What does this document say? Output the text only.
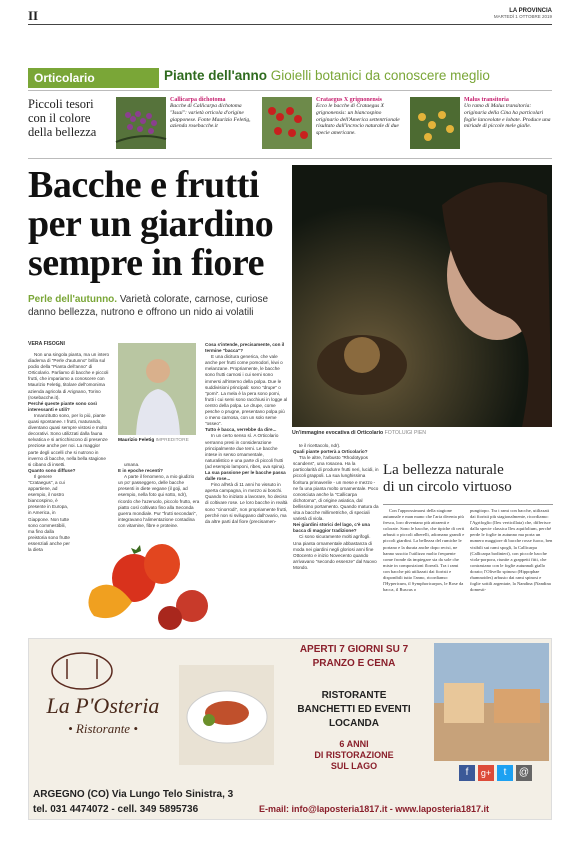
II	LA PROVINCIA
MARTEDÌ 1 OTTOBRE 2019
Orticolario	Piante dell'anno Gioielli botanici da conoscere meglio
Piccoli tesori con il colore della bellezza
Callicarpa dichotoma
Bacche di Callicarpa dichotoma "Issai": varietà orticola d'origine giapponese. Fonte Maurizio Feletig, azienda rosebacche.it
Crataegus X grignonensis
Ecco le bacche di Crataegus X grignonensis: un biancospino originario dell'America settentrionale risultato dall'incrocio naturale di due specie americane.
Malus transitoria
Un ramo di Malus transitoria: originaria della Cina ha particolari foglie lanceolate e lobate. Produce una miriade di piccole mele gialle.
Bacche e frutti
per un giardino
sempre in fiore
Perle dell'autunno. Varietà colorate, carnose, curiose danno bellezza, nutrono e offrono un nido ai volatili
Un'immagine evocativa di Orticolario FOTOLUIGI PIEN
VERA FISOGNI

Non una singola pianta, ma un intero diadema di "Perle d'autunno" brilla sul podio della "Pianta dell'anno" di Orticolario. Parliamo di bacche e piccoli frutti, che impariamo a conoscere con Maurizio Feletig, titolare dell'omonima azienda agricola di Arignano, Torino (rosebacche.it).

Perché queste piante sono così interessanti e utili?

Innanzitutto sono, per lo più, piante quasi spontanee. I frutti, maturando, diventano quasi sempre vistosi e molto decorativi. Sono utilizzati dalla fauna selvatica e si arricchiscono di presenze preziose anche per noi. La maggior parte degli uccelli che si nutrono in inverno di bacche, nella bella stagione si cibano di insetti.

Quanto sono diffuse?

Il genere "Crataegus", a cui appartiene, ad esempio, il nostro biancospino, è presente in Europa, in America, in Giappone. Non tutte sono commestibili, ma fino dalla preistoria sono frutte essenziali anche per la dieta

Maurizio Feletig IMPREDITORE

umana.

E in epoche recenti?

A parte il fenomeno, a mio giudizio un po' passeggero, delle bacche presenti in diete vegane (il goji, ad esempio, nella foto qui sotto, ndr), ricordo che l'azeruolo, piccolo frutto, era piatto così coltivato fino alla Seconda guerra mondiale. Pur "frutti secondari", integravano l'alimentazione contadina con vitamine, fibre e proteine.

Cosa s'intende, precisamente, con il termine "bacca"?

E una dicitura generica, che vale anche per frutti come pomodori, kiwi o melanzane. Propriamente, le bacche sono frutti carnosi i cui semi sono immersi all'interno della polpa. Due le suddivisioni principali: sono "drupe" o "pomi". La mela è la pera sono pomi, frutti i cui semi sono racchiusi in logge al centro della polpa. Le drupe, come pesche o prugne, presentano polpa più o meno carnosa, con un solo seme "osseo".

Tutto è bacca, verrebbe da dire...

In un certo senso sì. A Orticolario verranno presi in considerazione principalmente due temi. Le bacche intese in senso ornamentale, naturalistico e una parte di piccoli frutti (ad esempio lamponi, ribes, uva spina).

La sua passione per le bacche passa dalle rose...

Fino all'età di 11 anni ho vissuto in aperta campagna, in mezzo ai boschi. Quando ho iniziato a lavorare, ho deciso di coltivare rose. Le loro bacche in realtà sono "cinorrodi", non propriamente frutti, perché non si sviluppano dall'ovario, ma da altre parti dal fiore (precisamen-

te il ricettacolo, ndr).

Quali piante porterà a Orticolario?

Tra le altre, l'arbusto "Rhodotypos scandens", una rosacea. Ha la particolarità di produrre frutti neri, lucidi, in piccoli grappoli. La sua lunghissima fioritura primaverile - un mese e mezzo - ne fa una pianta molto ornamentale. Poco conosciuta anche la "Callicarpa dichotoma", di origine asiatica, dal bellissimo portamento. Quando matura da vita a bacche millimetriche, di speciali varietà di viola.

Nei giardini storici del lago, c'è una bacca di maggior tradizione?

Ci sono sicuramente molti agrifogli. Una pianta ornamentale abbastanza di moda nei giardini negli gloriosi anni fine Ottocento e inizio Novecento quando arrivavano "secondo essenze" dal Nuovo Mondo.

La bellezza naturale
di un circolo virtuoso

Con l'approssimarsi della stagione autunnale e man mano che l'aria diventa più fresca, loro diventano più attraenti e colorate. Sono le bacche, che tipiche di certi arbusti o piccoli alberelli, adornano grandi e piccoli giardini. La bellezza del rumiche le portano e la durata anche dopo recisi, ne hanno suscito l'utilizzo molto frequente come fronde da impiegare sia da sole che miste in composizioni floreali. Tra i rami con bacche più utilizzati dai fioristi e disponibili tutto l'anno, ricordiamo: l'Hypericum, il Symphoricarpos, le Rose da bacca, il Ruscus o

pungitopo. Tra i rami con bacche, utilizzati dai fioristi più stagionalmente, ricordiamo: l'Agrifoglio (Ilex verticillata) che, differisce dalla specie classica Ilex aquifolium, perché perde le foglie in autunno ma porta un numero maggiore di bacche rosse fuoco, ben visibili sui rami spogli, la Callicarpa (Callicarpa bodinieri), con piccole bacche viola-porpora, riunite a grappetti fitti, che contrastano con le foglie autunnali giallo dorato; l'Olivello spinoso (Hippophae rhamnoides) arbusto dai rami spinosi e foglie sottili argentate, la Nandina (Nandina domesti-

La P'Osteria
• Ristorante •
APERTI 7 GIORNI SU 7
PRANZO E CENA
RISTORANTE
BANCHETTI ED EVENTI
LOCANDA
6 ANNI
DI RISTORAZIONE
SUL LAGO
f	g+	t	@
ARGEGNO (CO) Via Lungo Telo Sinistra, 3
tel. 031 4474072 - cell. 349 5895736	E-mail: info@laposteria1817.it - www.laposteria1817.it
